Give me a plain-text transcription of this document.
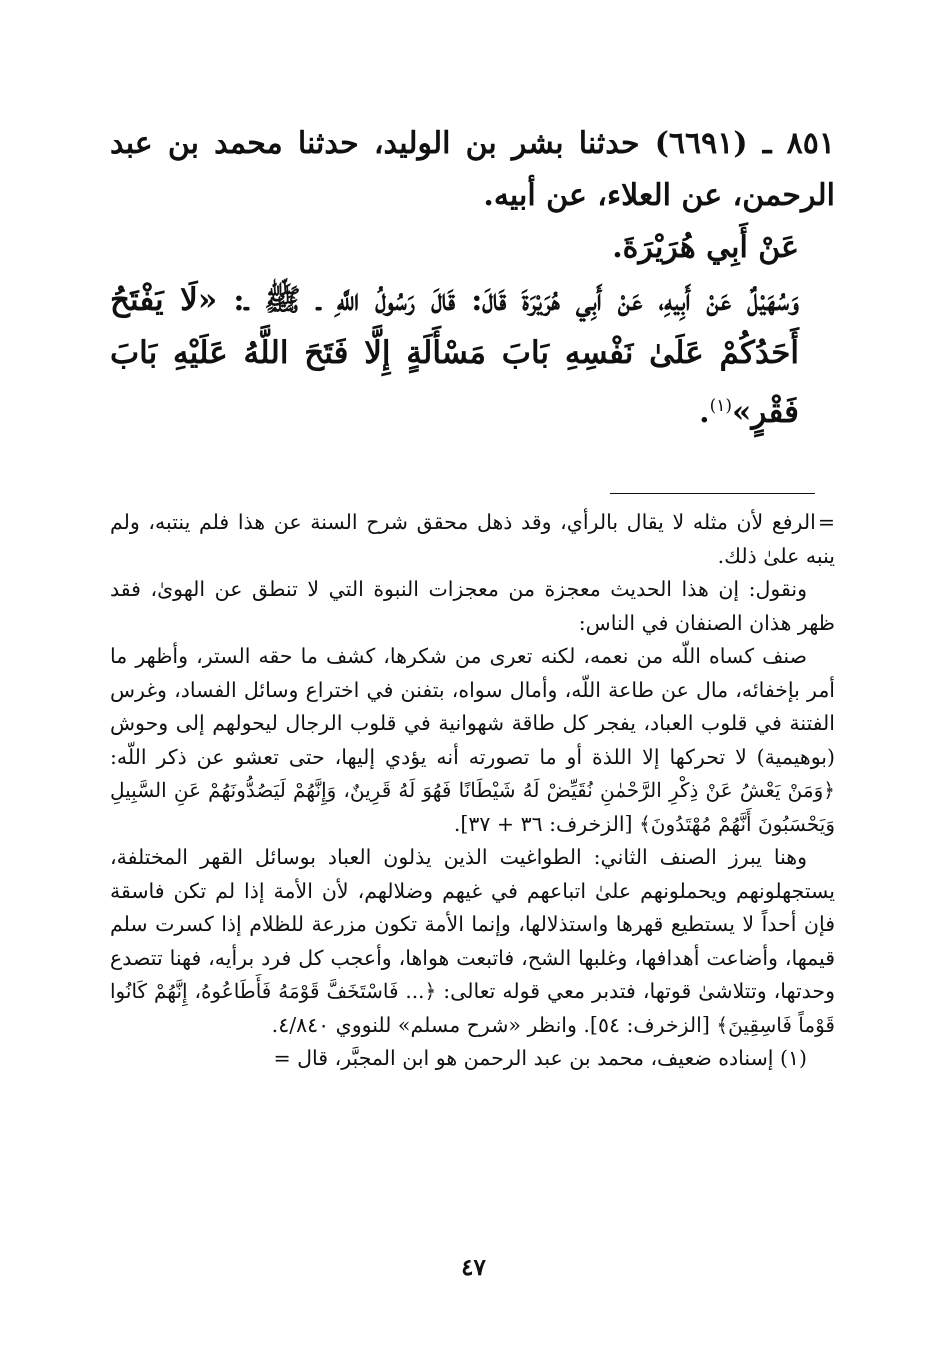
٨٥١ ـ (٦٦٩١) حدثنا بشر بن الوليد، حدثنا محمد بن عبد الرحمن، عن العلاء، عن أبيه.

عَنْ أَبِي هُرَيْرَةَ.

وَسُهَيْلٌ عَنْ أَبِيهِ، عَنْ أَبِي هُرَيْرَةَ قَالَ: قَالَ رَسُولُ اللَّهِ ـ ﷺ ـ: «لَا يَفْتَحُ أَحَدُكُمْ عَلَىٰ نَفْسِهِ بَابَ مَسْأَلَةٍ إِلَّا فَتَحَ اللَّهُ عَلَيْهِ بَابَ فَقْرٍ»$^{(١)}$.

= الرفع لأن مثله لا يقال بالرأي، وقد ذهل محقق شرح السنة عن هذا فلم ينتبه، ولم ينبه علىٰ ذلك.

ونقول: إن هذا الحديث معجزة من معجزات النبوة التي لا تنطق عن الهوىٰ، فقد ظهر هذان الصنفان في الناس:

صنف كساه اللّه من نعمه، لكنه تعرى من شكرها، كشف ما حقه الستر، وأظهر ما أمر بإخفائه، مال عن طاعة اللّه، وأمال سواه، بتفنن في اختراع وسائل الفساد، وغرس الفتنة في قلوب العباد، يفجر كل طاقة شهوانية في قلوب الرجال ليحولهم إلى وحوش (بوهيمية) لا تحركها إلا اللذة أو ما تصورته أنه يؤدي إليها، حتى تعشو عن ذكر اللّه: ﴿وَمَنْ يَعْشُ عَنْ ذِكْرِ الرَّحْمٰنِ نُقَيِّضْ لَهُ شَيْطَانًا فَهُوَ لَهُ قَرِينٌ، وَإِنَّهُمْ لَيَصُدُّونَهُمْ عَنِ السَّبِيلِ وَيَحْسَبُونَ أَنَّهُمْ مُهْتَدُونَ﴾ [الزخرف: ٣٦ + ٣٧].

وهنا يبرز الصنف الثاني: الطواغيت الذين يذلون العباد بوسائل القهر المختلفة، يستجهلونهم ويحملونهم علىٰ اتباعهم في غيهم وضلالهم، لأن الأمة إذا لم تكن فاسقة فإن أحداً لا يستطيع قهرها واستذلالها، وإنما الأمة تكون مزرعة للظلام إذا كسرت سلم قيمها، وأضاعت أهدافها، وغلبها الشح، فاتبعت هواها، وأعجب كل فرد برأيه، فهنا تتصدع وحدتها، وتتلاشىٰ قوتها، فتدبر معي قوله تعالى: ﴿... فَاسْتَخَفَّ قَوْمَهُ فَأَطَاعُوهُ، إِنَّهُمْ كَانُوا قَوْماً فَاسِقِينَ﴾ [الزخرف: ٥٤]. وانظر «شرح مسلم» للنووي ٤/٨٤٠.

(١) إسناده ضعيف، محمد بن عبد الرحمن هو ابن المجبَّر، قال =

٤٧
